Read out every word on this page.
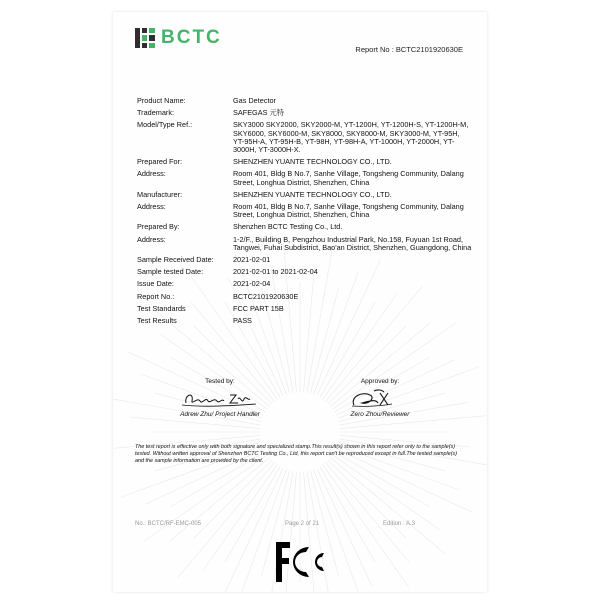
BCTC
Report No : BCTC2101920630E
Product Name:	Gas Detector
Trademark:	SAFEGAS 元特
Model/Type Ref.:	SKY3000 SKY2000, SKY2000-M, YT-1200H, YT-1200H-S, YT-1200H-M, SKY6000, SKY6000-M, SKY8000, SKY8000-M, SKY3000-M, YT-95H, YT-95H-A, YT-95H-B, YT-98H, YT-98H-A, YT-1000H, YT-2000H, YT-3000H, YT-3000H-X.
Prepared For:	SHENZHEN YUANTE TECHNOLOGY CO., LTD.
Address:	Room 401, Bldg B No.7, Sanhe Village, Tongsheng Community, Dalang Street, Longhua District, Shenzhen, China
Manufacturer:	SHENZHEN YUANTE TECHNOLOGY CO., LTD.
Address:	Room 401, Bldg B No.7, Sanhe Village, Tongsheng Community, Dalang Street, Longhua District, Shenzhen, China
Prepared By:	Shenzhen BCTC Testing Co., Ltd.
Address:	1-2/F., Building B, Pengzhou Industrial Park, No.158, Fuyuan 1st Road, Tangwei, Fuhai Subdistrict, Bao'an District, Shenzhen, Guangdong, China
Sample Received Date:	2021-02-01
Sample tested Date:	2021-02-01 to 2021-02-04
Issue Date:	2021-02-04
Report No.:	BCTC2101920630E
Test Standards	FCC PART 15B
Test Results	PASS
Tested by:
Adrew Zhu/ Project Handler
Approved by:
Zero Zhou/Reviewer
The test report is effective only with both signature and specialized stamp.This result(s) shown in this report refer only to the sample(s) tested. Without written approval of Shenzhen BCTC Testing Co., Ltd, this report can't be reproduced except in full.The tested sample(s) and the sample information are provided by the client.
No.: BCTC/RF-EMC-005	Page 2 of 21	Edition : A.3
